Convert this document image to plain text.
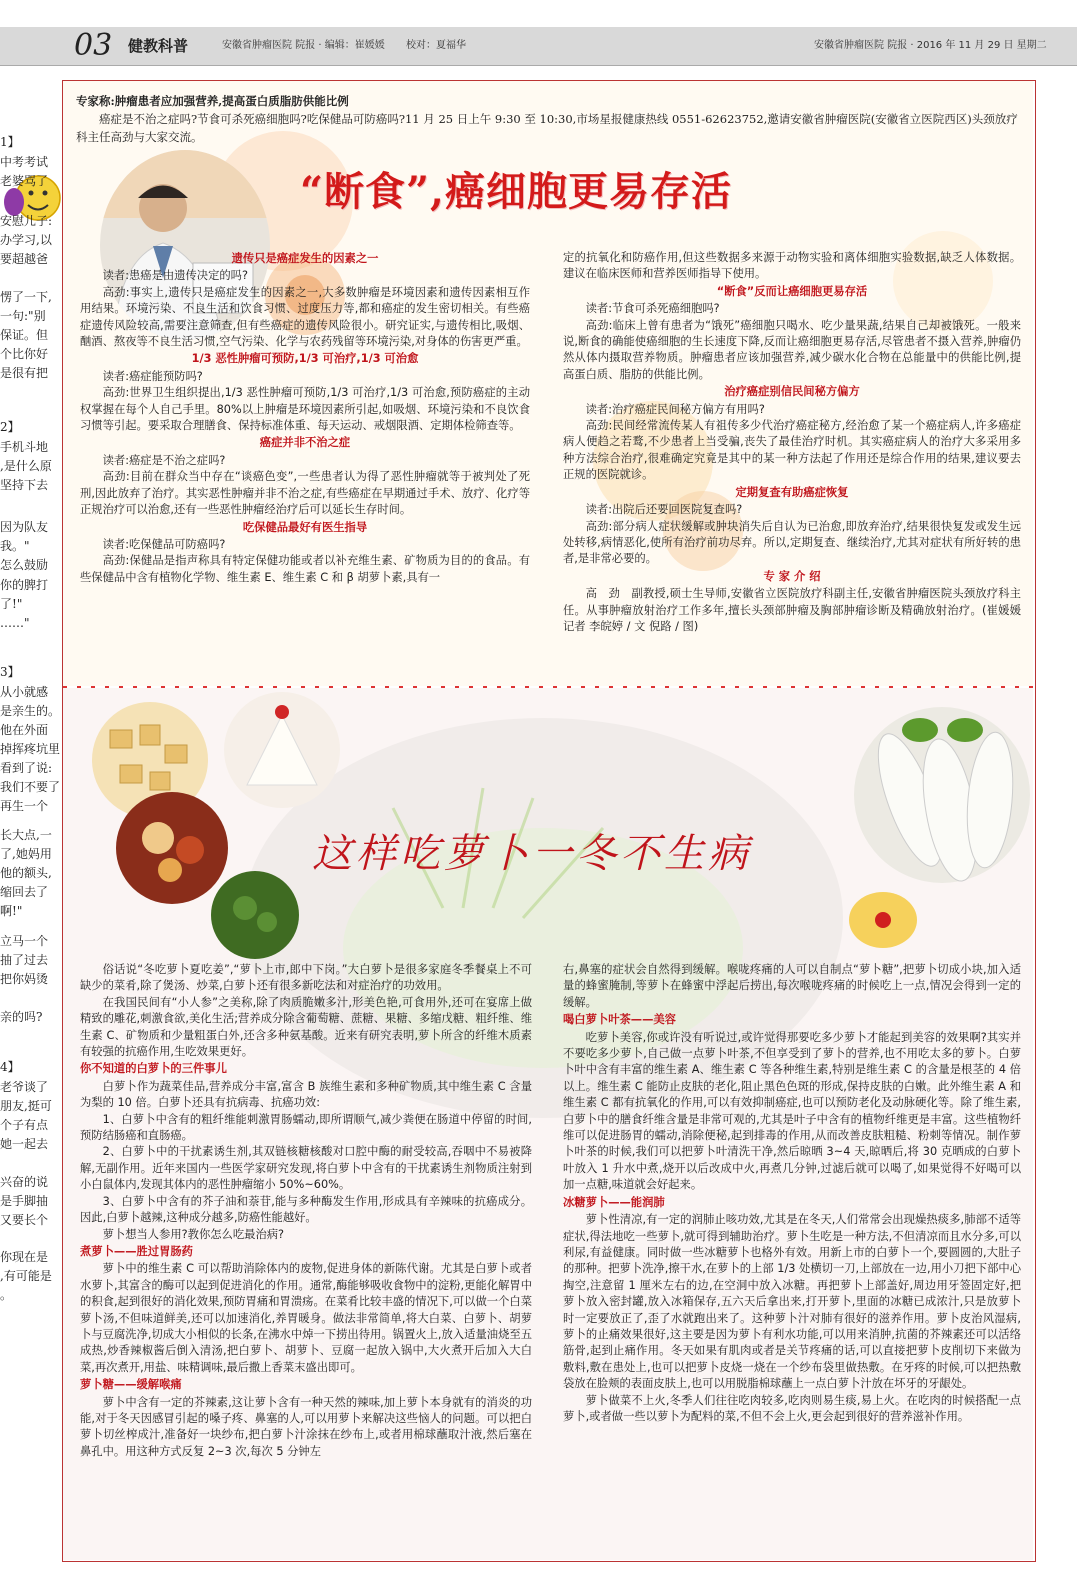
03 健教科普	安徽省肿瘤医院 院报 · 编辑：崔媛媛 校对：夏福华	安徽省肿瘤医院 院报 · 2016 年 11 月 29 日 星期二
1】
中考考试
老婆骂了
安慰儿子:
办学习,以
要超越爸
愣了一下,
一句:"别
保证。但
个比你好
是很有把
2】
手机斗地
,是什么原
坚持下去
因为队友
我。"
怎么鼓励
你的脾打
了!"
……"
3】
从小就感
是亲生的。
他在外面
掉挥疼坑里
看到了说:
我们不要了
再生一个
长大点,一
了,她妈用
他的额头,
缩回去了
啊!"
立马一个
抽了过去
把你妈烫
亲的吗?
4】
老爷谈了
朋友,挺可
个子有点
她一起去
兴奋的说
是手脚抽
又要长个
你现在是
,有可能是
。

专家称:肿瘤患者应加强营养,提高蛋白质脂肪供能比例

癌症是不治之症吗?节食可杀死癌细胞吗?吃保健品可防癌吗?11 月 25 日上午 9:30 至 10:30,市场星报健康热线 0551-62623752,邀请安徽省肿瘤医院(安徽省立医院西区)头颈放疗科主任高劲与大家交流。

“断食”,癌细胞更易存活

遗传只是癌症发生的因素之一

读者:患癌是由遗传决定的吗?

高劲:事实上,遗传只是癌症发生的因素之一,大多数肿瘤是环境因素和遗传因素相互作用结果。环境污染、不良生活和饮食习惯、过度压力等,都和癌症的发生密切相关。有些癌症遗传风险较高,需要注意筛查,但有些癌症的遗传风险很小。研究证实,与遗传相比,吸烟、酗酒、熬夜等不良生活习惯,空气污染、化学与农药残留等环境污染,对身体的伤害更严重。

1/3 恶性肿瘤可预防,1/3 可治疗,1/3 可治愈

读者:癌症能预防吗?

高劲:世界卫生组织提出,1/3 恶性肿瘤可预防,1/3 可治疗,1/3 可治愈,预防癌症的主动权掌握在每个人自己手里。80%以上肿瘤是环境因素所引起,如吸烟、环境污染和不良饮食习惯等引起。要采取合理膳食、保持标准体重、每天运动、戒烟限酒、定期体检筛查等。

癌症并非不治之症

读者:癌症是不治之症吗?

高劲:目前在群众当中存在“谈癌色变”,一些患者认为得了恶性肿瘤就等于被判处了死刑,因此放弃了治疗。其实恶性肿瘤并非不治之症,有些癌症在早期通过手术、放疗、化疗等正规治疗可以治愈,还有一些恶性肿瘤经治疗后可以延长生存时间。

吃保健品最好有医生指导

读者:吃保健品可防癌吗?

高劲:保健品是指声称具有特定保健功能或者以补充维生素、矿物质为目的的食品。有些保健品中含有植物化学物、维生素 E、维生素 C 和 β 胡萝卜素,具有一

定的抗氧化和防癌作用,但这些数据多来源于动物实验和离体细胞实验数据,缺乏人体数据。建议在临床医师和营养医师指导下使用。

“断食”反而让癌细胞更易存活

读者:节食可杀死癌细胞吗?

高劲:临床上曾有患者为“饿死”癌细胞只喝水、吃少量果蔬,结果自己却被饿死。一般来说,断食的确能使癌细胞的生长速度下降,反而让癌细胞更易存活,尽管患者不摄入营养,肿瘤仍然从体内摄取营养物质。肿瘤患者应该加强营养,减少碳水化合物在总能量中的供能比例,提高蛋白质、脂肪的供能比例。

治疗癌症别信民间秘方偏方

读者:治疗癌症民间秘方偏方有用吗?

高劲:民间经常流传某人有祖传多少代治疗癌症秘方,经治愈了某一个癌症病人,许多癌症病人便趋之若鹜,不少患者上当受骗,丧失了最佳治疗时机。其实癌症病人的治疗大多采用多种方法综合治疗,很难确定究竟是其中的某一种方法起了作用还是综合作用的结果,建议要去正规的医院就诊。

定期复查有助癌症恢复

读者:出院后还要回医院复查吗?

高劲:部分病人症状缓解或肿块消失后自认为已治愈,即放弃治疗,结果很快复发或发生远处转移,病情恶化,使所有治疗前功尽弃。所以,定期复查、继续治疗,尤其对症状有所好转的患者,是非常必要的。

专 家 介 绍

高　劲　副教授,硕士生导师,安徽省立医院放疗科副主任,安徽省肿瘤医院头颈放疗科主任。从事肿瘤放射治疗工作多年,擅长头颈部肿瘤及胸部肿瘤诊断及精确放射治疗。(崔媛媛 记者 李皖婷 / 文 倪路 / 图)

这样吃萝卜一冬不生病

俗话说“冬吃萝卜夏吃姜”,“萝卜上市,郎中下岗。”大白萝卜是很多家庭冬季餐桌上不可缺少的菜肴,除了煲汤、炒菜,白萝卜还有很多新吃法和对症治疗的功效用。

在我国民间有“小人参”之美称,除了肉质脆嫩多汁,形美色艳,可食用外,还可在宴席上做精致的雕花,刺激食欲,美化生活;营养成分除含葡萄糖、蔗糖、果糖、多缩戊糖、粗纤维、维生素 C、矿物质和少量粗蛋白外,还含多种氨基酸。近来有研究表明,萝卜所含的纤维木质素有较强的抗癌作用,生吃效果更好。

你不知道的白萝卜的三件事儿

白萝卜作为蔬菜佳品,营养成分丰富,富含 B 族维生素和多种矿物质,其中维生素 C 含量为梨的 10 倍。白萝卜还具有抗病毒、抗癌功效:

1、白萝卜中含有的粗纤维能刺激胃肠蠕动,即所谓顺气,减少粪便在肠道中停留的时间,预防结肠癌和直肠癌。

2、白萝卜中的干扰素诱生剂,其双链核糖核酸对口腔中酶的耐受较高,吞咽中不易被降解,无副作用。近年来国内一些医学家研究发现,将白萝卜中含有的干扰素诱生剂物质注射到小白鼠体内,发现其体内的恶性肿瘤缩小 50%~60%。

3、白萝卜中含有的芥子油和萘苷,能与多种酶发生作用,形成具有辛辣味的抗癌成分。因此,白萝卜越辣,这种成分越多,防癌性能越好。

萝卜想当人参用?教你怎么吃最治病?

煮萝卜——胜过胃肠药

萝卜中的维生素 C 可以帮助消除体内的废物,促进身体的新陈代谢。尤其是白萝卜或者水萝卜,其富含的酶可以起到促进消化的作用。通常,酶能够吸收食物中的淀粉,更能化解胃中的积食,起到很好的消化效果,预防胃痛和胃溃疡。在菜肴比较丰盛的情况下,可以做一个白菜萝卜汤,不但味道鲜美,还可以加速消化,养胃暖身。做法非常简单,将大白菜、白萝卜、胡萝卜与豆腐洗净,切成大小相似的长条,在沸水中焯一下捞出待用。锅置火上,放入适量油烧至五成热,炒香辣椒酱后倒入清汤,把白萝卜、胡萝卜、豆腐一起放入锅中,大火煮开后加入大白菜,再次煮开,用盐、味精调味,最后撒上香菜末盛出即可。

萝卜糖——缓解喉痛

萝卜中含有一定的芥辣素,这让萝卜含有一种天然的辣味,加上萝卜本身就有的消炎的功能,对于冬天因感冒引起的嗓子疼、鼻塞的人,可以用萝卜来解决这些恼人的问题。可以把白萝卜切丝榨成汁,准备好一块纱布,把白萝卜汁涂抹在纱布上,或者用棉球蘸取汁液,然后塞在鼻孔中。用这种方式反复 2~3 次,每次 5 分钟左

右,鼻塞的症状会自然得到缓解。喉咙疼痛的人可以自制点“萝卜糖”,把萝卜切成小块,加入适量的蜂蜜腌制,等萝卜在蜂蜜中浮起后捞出,每次喉咙疼痛的时候吃上一点,情况会得到一定的缓解。

喝白萝卜叶茶——美容

吃萝卜美容,你或许没有听说过,或许觉得那要吃多少萝卜才能起到美容的效果啊?其实并不要吃多少萝卜,自己做一点萝卜叶茶,不但享受到了萝卜的营养,也不用吃太多的萝卜。白萝卜叶中含有丰富的维生素 A、维生素 C 等各种维生素,特别是维生素 C 的含量是根茎的 4 倍以上。维生素 C 能防止皮肤的老化,阻止黑色色斑的形成,保持皮肤的白嫩。此外维生素 A 和维生素 C 都有抗氧化的作用,可以有效抑制癌症,也可以预防老化及动脉硬化等。除了维生素,白萝卜中的膳食纤维含量是非常可观的,尤其是叶子中含有的植物纤维更是丰富。这些植物纤维可以促进肠胃的蠕动,消除便秘,起到排毒的作用,从而改善皮肤粗糙、粉刺等情况。制作萝卜叶茶的时候,我们可以把萝卜叶清洗干净,然后晾晒 3~4 天,晾晒后,将 30 克晒成的白萝卜叶放入 1 升水中煮,烧开以后改成中火,再煮几分钟,过滤后就可以喝了,如果觉得不好喝可以加一点糖,味道就会好起来。

冰糖萝卜——能润肺

萝卜性清凉,有一定的润肺止咳功效,尤其是在冬天,人们常常会出现燥热痰多,肺部不适等症状,得法地吃一些萝卜,就可得到辅助治疗。萝卜生吃是一种方法,不但清凉而且水分多,可以利尿,有益健康。同时做一些冰糖萝卜也格外有效。用新上市的白萝卜一个,要圆圆的,大肚子的那种。把萝卜洗净,擦干水,在萝卜的上部 1/3 处横切一刀,上部放在一边,用小刀把下部中心掏空,注意留 1 厘米左右的边,在空洞中放入冰糖。再把萝卜上部盖好,周边用牙签固定好,把萝卜放入密封罐,放入冰箱保存,五六天后拿出来,打开萝卜,里面的冰糖已成浓汁,只是放萝卜时一定要放正了,歪了水就跑出来了。这种萝卜汁对肺有很好的滋养作用。萝卜皮治风湿病,萝卜的止痛效果很好,这主要是因为萝卜有利水功能,可以用来消肿,抗菌的芥辣素还可以活络筋骨,起到止痛作用。冬天如果有肌肉或者是关节疼痛的话,可以直接把萝卜皮削切下来做为敷料,敷在患处上,也可以把萝卜皮烧一烧在一个纱布袋里做热敷。在牙疼的时候,可以把热敷袋放在脸颊的表面皮肤上,也可以用脱脂棉球蘸上一点白萝卜汁放在坏牙的牙龈处。

萝卜做菜不上火,冬季人们往往吃肉较多,吃肉则易生痰,易上火。在吃肉的时候搭配一点萝卜,或者做一些以萝卜为配料的菜,不但不会上火,更会起到很好的营养滋补作用。
